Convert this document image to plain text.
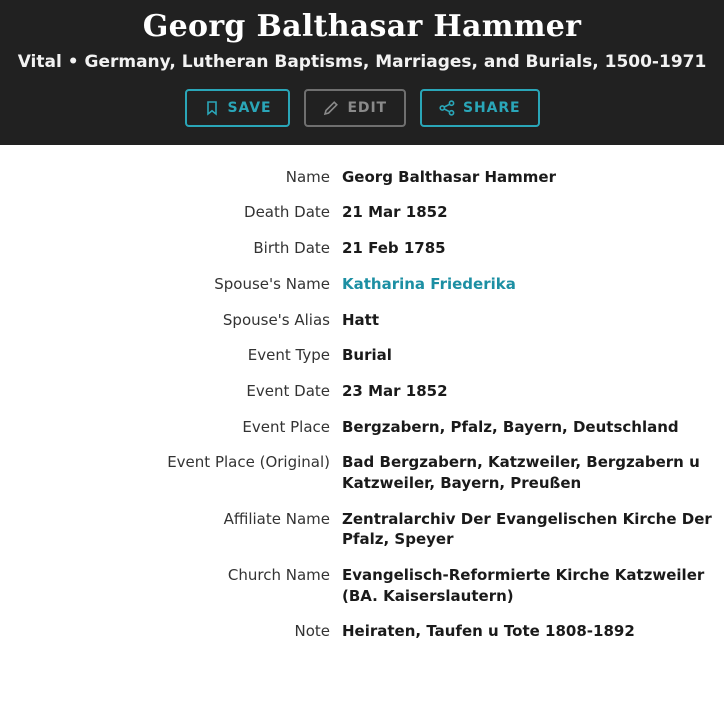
Georg Balthasar Hammer
Vital • Germany, Lutheran Baptisms, Marriages, and Burials, 1500-1971
SAVE	EDIT	SHARE
Name Georg Balthasar Hammer
Death Date 21 Mar 1852
Birth Date 21 Feb 1785
Spouse's Name Katharina Friederika
Spouse's Alias Hatt
Event Type Burial
Event Date 23 Mar 1852
Event Place Bergzabern, Pfalz, Bayern, Deutschland
Event Place (Original) Bad Bergzabern, Katzweiler, Bergzabern u Katzweiler, Bayern, Preußen
Affiliate Name Zentralarchiv Der Evangelischen Kirche Der Pfalz, Speyer
Church Name Evangelisch-Reformierte Kirche Katzweiler (BA. Kaiserslautern)
Note Heiraten, Taufen u Tote 1808-1892
